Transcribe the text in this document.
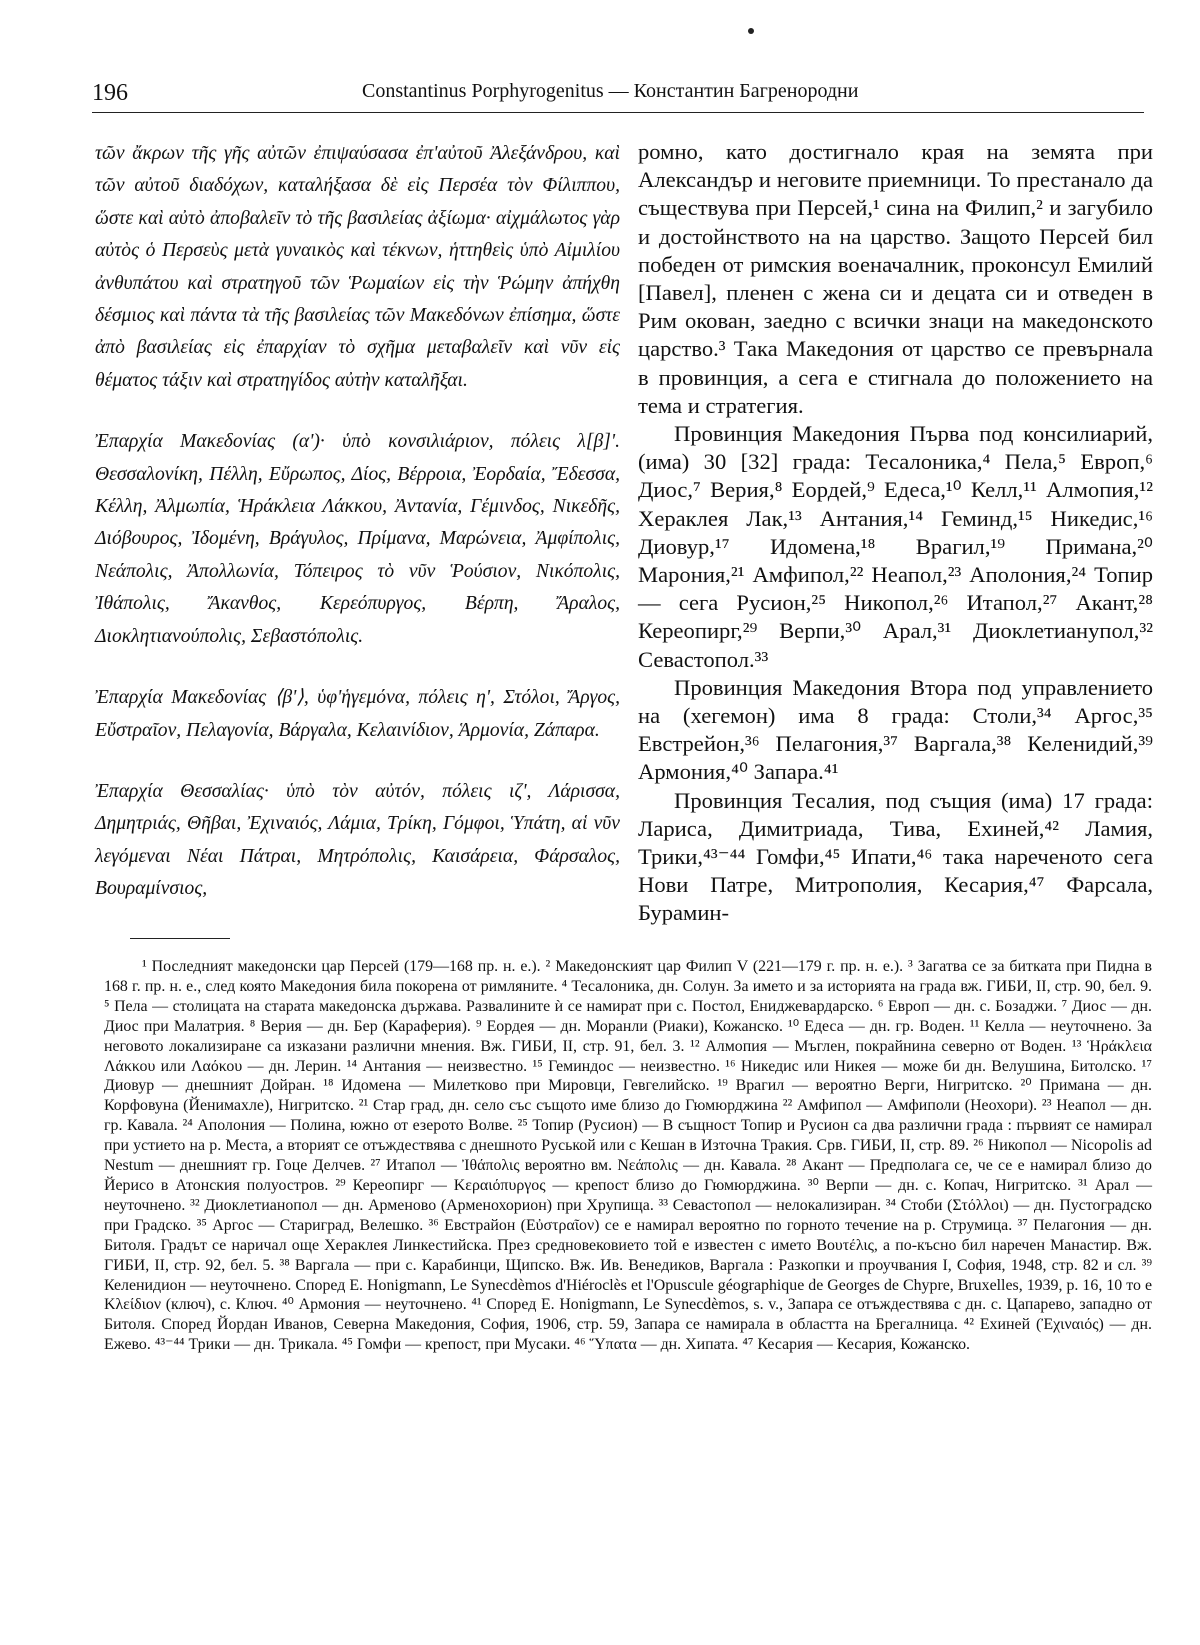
196	Constantinus Porphyrogenitus — Константин Багренородни

τῶν ἄκρων τῆς γῆς αὐτῶν ἐπιψαύσασα ἐπ'αὐτοῦ Ἀλεξάνδρου, καὶ τῶν αὐτοῦ διαδόχων, καταλήξασα δὲ εἰς Περσέα τὸν Φίλιππου, ὥστε καὶ αὐτὸ ἀποβαλεῖν τὸ τῆς βασιλείας ἀξίωμα· αἰχμάλωτος γὰρ αὐτὸς ὁ Περσεὺς μετὰ γυναικὸς καὶ τέκνων, ἡττηθεὶς ὑπὸ Αἰμιλίου ἀνθυπάτου καὶ στρατηγοῦ τῶν Ῥωμαίων εἰς τὴν Ῥώμην ἀπήχθη δέσμιος καὶ πάντα τὰ τῆς βασιλείας τῶν Μακεδόνων ἐπίσημα, ὥστε ἀπὸ βασιλείας εἰς ἐπαρχίαν τὸ σχῆμα μεταβαλεῖν καὶ νῦν εἰς θέματος τάξιν καὶ στρατηγίδος αὐτὴν καταλῆξαι.

Ἐπαρχία Μακεδονίας (α')· ὑπὸ κονσιλιάριον, πόλεις λ[β]'. Θεσσαλονίκη, Πέλλη, Εὔρωπος, Δίος, Βέρροια, Ἐορδαία, Ἔδεσσα, Κέλλη, Ἀλμωπία, Ἡράκλεια Λάκκου, Ἀντανία, Γέμινδος, Νικεδῆς, Διόβουρος, Ἰδομένη, Βράγυλος, Πρίμανα, Μαρώνεια, Ἀμφίπολις, Νεάπολις, Ἀπολλωνία, Τόπειρος τὸ νῦν Ῥούσιον, Νικόπολις, Ἰθάπολις, Ἄκανθος, Κερεόπυργος, Βέρπη, Ἄραλος, Διοκλητιανούπολις, Σεβαστόπολις.

Ἐπαρχία Μακεδονίας ⟨β'⟩, ὑφ'ἡγεμόνα, πόλεις η', Στόλοι, Ἄργος, Εὔστραῖον, Πελαγονία, Βάργαλα, Κελαινίδιον, Ἁρμονία, Ζάπαρα.

Ἐπαρχία Θεσσαλίας· ὑπὸ τὸν αὐτόν, πόλεις ιζ', Λάρισσα, Δημητριάς, Θῆβαι, Ἐχιναιός, Λάμια, Τρίκη, Γόμφοι, Ὑπάτη, αἱ νῦν λεγόμεναι Νέαι Πάτραι, Μητρόπολις, Καισάρεια, Φάρσαλος, Βουραμίνσιος,

ромно, като достигнало края на земята при Александър и неговите приемници. То престанало да съществува при Персей,¹ сина на Филип,² и загубило и достойнството на на царство. Защото Персей бил победен от римския военачалник, проконсул Емилий [Павел], пленен с жена си и децата си и отведен в Рим окован, заедно с всички знаци на македонското царство.³ Така Македония от царство се превърнала в провинция, а сега е стигнала до положението на тема и стратегия.

Провинция Македония Първа под консилиарий, (има) 30 [32] града: Тесалоника,⁴ Пела,⁵ Европ,⁶ Диос,⁷ Верия,⁸ Еордей,⁹ Едеса,¹⁰ Келл,¹¹ Алмопия,¹² Хераклея Лак,¹³ Антания,¹⁴ Геминд,¹⁵ Никедис,¹⁶ Диовур,¹⁷ Идомена,¹⁸ Врагил,¹⁹ Примана,²⁰ Марония,²¹ Амфипол,²² Неапол,²³ Аполония,²⁴ Топир — сега Русион,²⁵ Никопол,²⁶ Итапол,²⁷ Акант,²⁸ Кереопирг,²⁹ Верпи,³⁰ Арал,³¹ Диоклетианупол,³² Севастопол.³³

Провинция Македония Втора под управлението на (хегемон) има 8 града: Столи,³⁴ Аргос,³⁵ Евстрейон,³⁶ Пелагония,³⁷ Варгала,³⁸ Келенидий,³⁹ Армония,⁴⁰ Запара.⁴¹

Провинция Тесалия, под същия (има) 17 града: Лариса, Димитриада, Тива, Ехиней,⁴² Ламия, Трики,⁴³⁻⁴⁴ Гомфи,⁴⁵ Ипати,⁴⁶ така нареченото сега Нови Патре, Митрополия, Кесария,⁴⁷ Фарсала, Бурамин-

¹ Последният македонски цар Персей (179—168 пр. н. е.). ² Македонският цар Филип V (221—179 г. пр. н. е.). ³ Загатва се за битката при Пидна в 168 г. пр. н. е., след която Македония била покорена от римляните. ⁴ Тесалоника, дн. Солун. За името и за историята на града вж. ГИБИ, II, стр. 90, бел. 9. ⁵ Пела — столицата на старата македонска държава. Развалините ѝ се намират при с. Постол, Ениджевардарско. ⁶ Европ — дн. с. Бозаджи. ⁷ Диос — дн. Диос при Малатрия. ⁸ Верия — дн. Бер (Караферия). ⁹ Еордея — дн. Моранли (Риаки), Кожанско. ¹⁰ Едеса — дн. гр. Воден. ¹¹ Келла — неуточнено. За неговото локализиране са изказани различни мнения. Вж. ГИБИ, II, стр. 91, бел. 3. ¹² Алмопия — Мъглен, покрайнина северно от Воден. ¹³ Ἡράκλεια Λάκκου или Λαόκου — дн. Лерин. ¹⁴ Антания — неизвестно. ¹⁵ Геминдос — неизвестно. ¹⁶ Никедис или Никея — може би дн. Велушина, Битолско. ¹⁷ Диовур — днешният Дойран. ¹⁸ Идомена — Милетково при Мировци, Гевгелийско. ¹⁹ Врагил — вероятно Верги, Нигритско. ²⁰ Примана — дн. Корфовуна (Йенимахле), Нигритско. ²¹ Стар град, дн. село със същото име близо до Гюмюрджина ²² Амфипол — Амфиполи (Неохори). ²³ Неапол — дн. гр. Кавала. ²⁴ Аполония — Полина, южно от езерото Волве. ²⁵ Топир (Русион) — В същност Топир и Русион са два различни града : първият се намирал при устието на р. Места, а вторият се отъждествява с днешното Руськой или с Кешан в Източна Тракия. Срв. ГИБИ, II, стр. 89. ²⁶ Никопол — Nicopolis ad Nestum — днешният гр. Гоце Делчев. ²⁷ Итапол — Ἰθάπολις вероятно вм. Νεάπολις — дн. Кавала. ²⁸ Акант — Предполага се, че се е намирал близо до Йерисо в Атонския полуостров. ²⁹ Кереопирг — Κεραιόπυργος — крепост близо до Гюмюрджина. ³⁰ Верпи — дн. с. Копач, Нигритско. ³¹ Арал — неуточнено. ³² Диоклетианопол — дн. Арменово (Арменохорион) при Хрупища. ³³ Севастопол — нелокализиран. ³⁴ Стоби (Στόλλοι) — дн. Пустоградско при Градско. ³⁵ Аргос — Стариград, Велешко. ³⁶ Евстрайон (Εὐστραῖον) се е намирал вероятно по горното течение на р. Струмица. ³⁷ Пелагония — дн. Битоля. Градът се наричал още Хераклея Линкестийска. През средновековието той е известен с името Βουτέλις, а по-късно бил наречен Манастир. Вж. ГИБИ, II, стр. 92, бел. 5. ³⁸ Варгала — при с. Карабинци, Щипско. Вж. Ив. Венедиков, Варгала : Разкопки и проучвания I, София, 1948, стр. 82 и сл. ³⁹ Келенидион — неуточнено. Според E. Honigmann, Le Synecdèmos d'Hiéroclès et l'Opuscule géographique de Georges de Chypre, Bruxelles, 1939, p. 16, 10 то е Κλείδιον (ключ), с. Ключ. ⁴⁰ Армония — неуточнено. ⁴¹ Според E. Honigmann, Le Synecdèmos, s. v., Запара се отъждествява с дн. с. Цапарево, западно от Битоля. Според Йордан Иванов, Северна Македония, София, 1906, стр. 59, Запара се намирала в областта на Брегалница. ⁴² Ехиней (Ἐχιναιός) — дн. Ежево. ⁴³⁻⁴⁴ Трики — дн. Трикала. ⁴⁵ Гомфи — крепост, при Мусаки. ⁴⁶ Ὕπατα — дн. Хипата. ⁴⁷ Кесария — Кесария, Кожанско.
